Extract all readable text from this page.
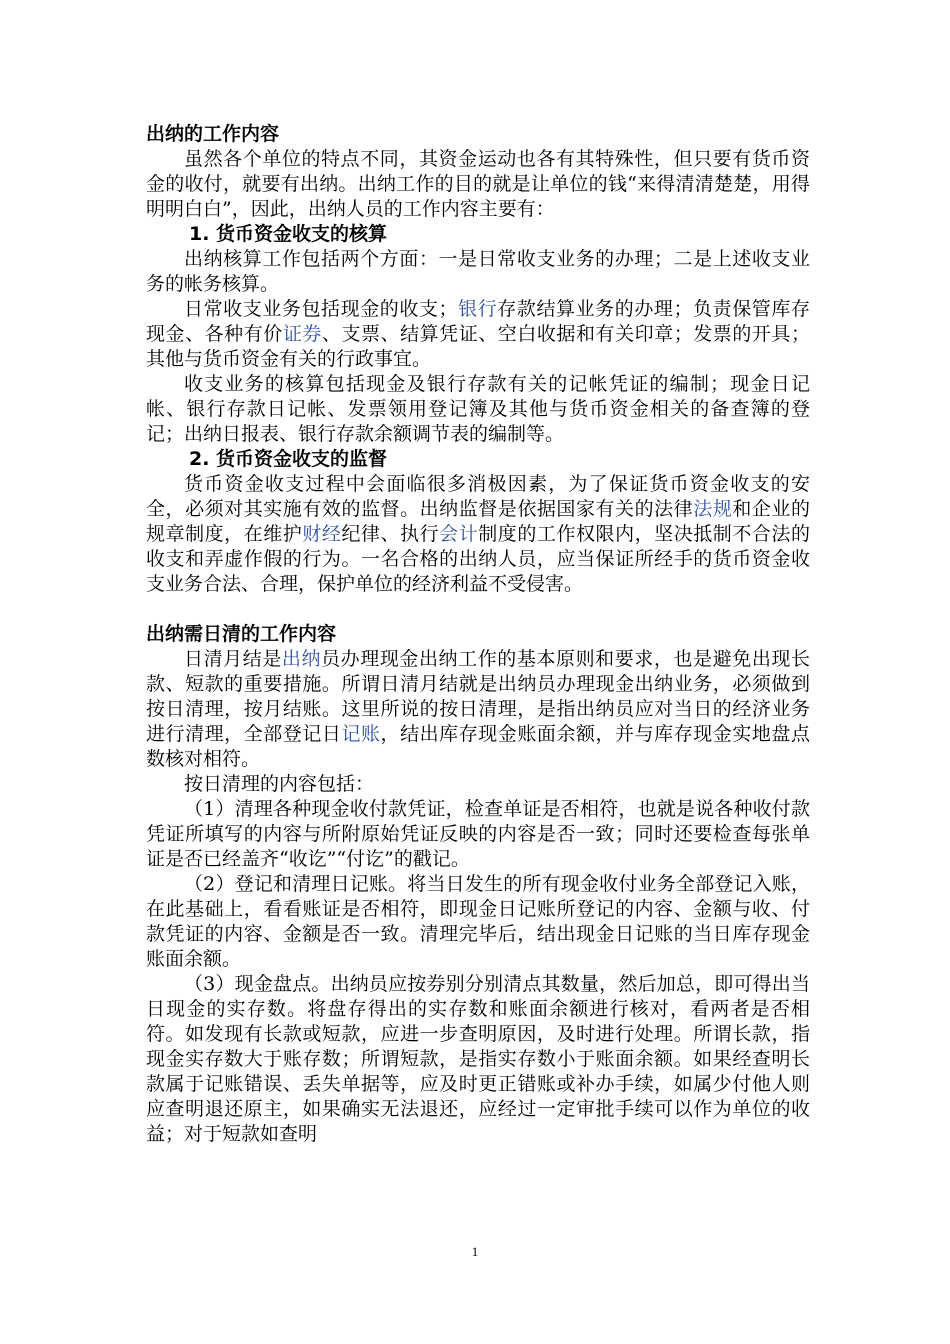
出纳的工作内容

虽然各个单位的特点不同，其资金运动也各有其特殊性，但只要有货币资金的收付，就要有出纳。出纳工作的目的就是让单位的钱“来得清清楚楚，用得明明白白”，因此，出纳人员的工作内容主要有：

1. 货币资金收支的核算

出纳核算工作包括两个方面：一是日常收支业务的办理；二是上述收支业务的帐务核算。

日常收支业务包括现金的收支；银行存款结算业务的办理；负责保管库存现金、各种有价证券、支票、结算凭证、空白收据和有关印章；发票的开具；其他与货币资金有关的行政事宜。

收支业务的核算包括现金及银行存款有关的记帐凭证的编制；现金日记帐、银行存款日记帐、发票领用登记簿及其他与货币资金相关的备查簿的登记；出纳日报表、银行存款余额调节表的编制等。

2. 货币资金收支的监督

货币资金收支过程中会面临很多消极因素，为了保证货币资金收支的安全，必须对其实施有效的监督。出纳监督是依据国家有关的法律法规和企业的规章制度，在维护财经纪律、执行会计制度的工作权限内，坚决抵制不合法的收支和弄虚作假的行为。一名合格的出纳人员，应当保证所经手的货币资金收支业务合法、合理，保护单位的经济利益不受侵害。

出纳需日清的工作内容

日清月结是出纳员办理现金出纳工作的基本原则和要求，也是避免出现长款、短款的重要措施。所谓日清月结就是出纳员办理现金出纳业务，必须做到按日清理，按月结账。这里所说的按日清理，是指出纳员应对当日的经济业务进行清理，全部登记日记账，结出库存现金账面余额，并与库存现金实地盘点数核对相符。

按日清理的内容包括：

（1）清理各种现金收付款凭证，检查单证是否相符，也就是说各种收付款凭证所填写的内容与所附原始凭证反映的内容是否一致；同时还要检查每张单证是否已经盖齐“收讫”“付讫”的戳记。

（2）登记和清理日记账。将当日发生的所有现金收付业务全部登记入账，在此基础上，看看账证是否相符，即现金日记账所登记的内容、金额与收、付款凭证的内容、金额是否一致。清理完毕后，结出现金日记账的当日库存现金账面余额。

（3）现金盘点。出纳员应按券别分别清点其数量，然后加总，即可得出当日现金的实存数。将盘存得出的实存数和账面余额进行核对，看两者是否相符。如发现有长款或短款，应进一步查明原因，及时进行处理。所谓长款，指现金实存数大于账存数；所谓短款，是指实存数小于账面余额。如果经查明长款属于记账错误、丢失单据等，应及时更正错账或补办手续，如属少付他人则应查明退还原主，如果确实无法退还，应经过一定审批手续可以作为单位的收益；对于短款如查明

1
